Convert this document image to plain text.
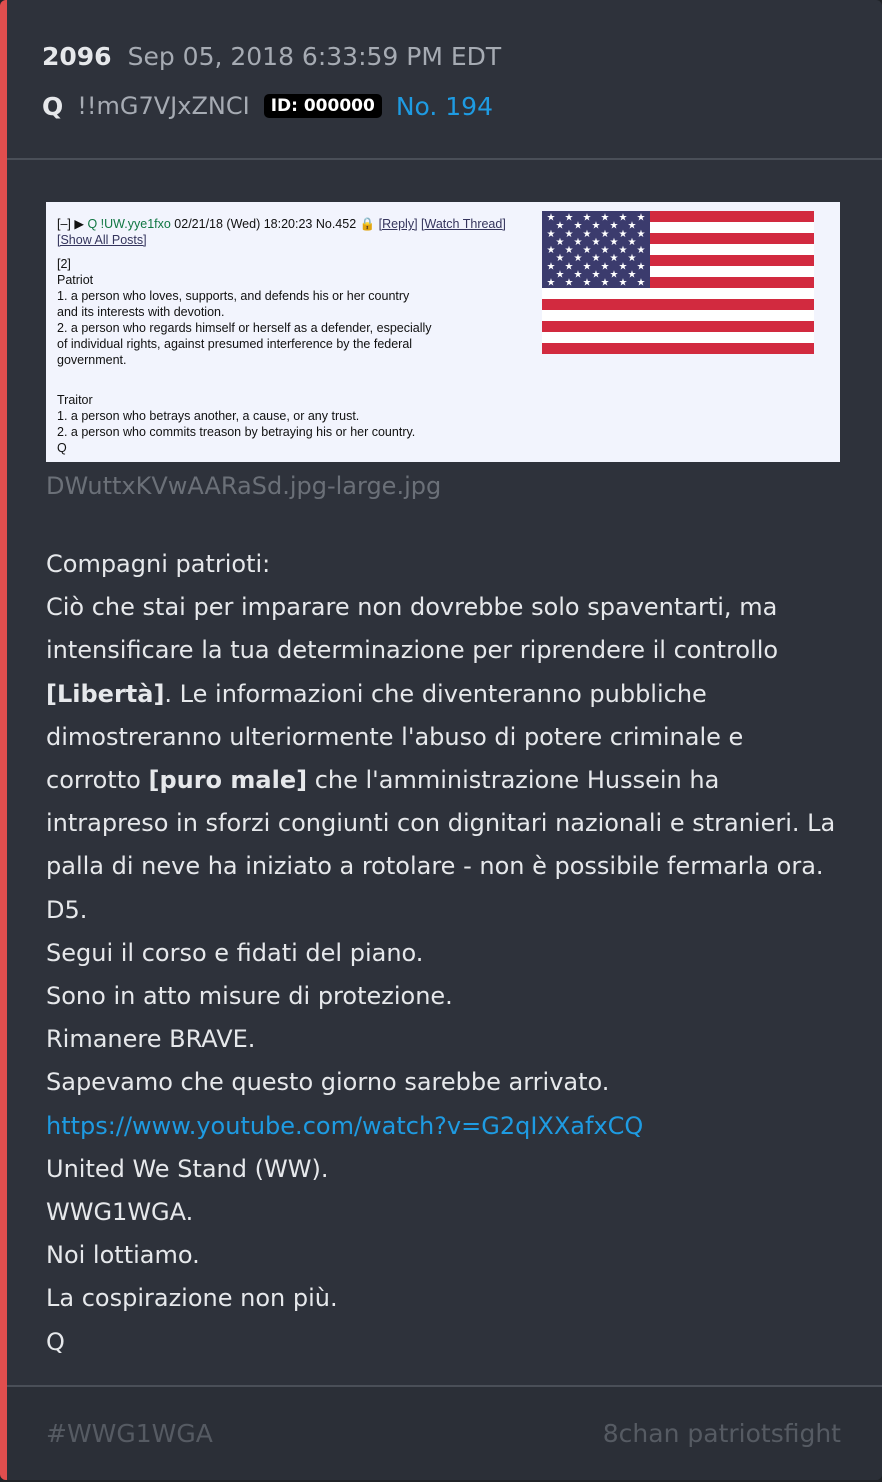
2096 Sep 05, 2018 6:33:59 PM EDT
Q !!mG7VJxZNCI	ID: 000000 No. 194
[–] ▶ Q !UW.yye1fxo 02/21/18 (Wed) 18:20:23 No.452 🔒 [Reply] [Watch Thread] [Show All Posts]
[2]
Patriot
1. a person who loves, supports, and defends his or her country
and its interests with devotion.
2. a person who regards himself or herself as a defender, especially
of individual rights, against presumed interference by the federal
government.
Traitor
1. a person who betrays another, a cause, or any trust.
2. a person who commits treason by betraying his or her country.
Q
★ ★ ★ ★ ★ ★
★ ★ ★ ★ ★
★ ★ ★ ★ ★ ★
★ ★ ★ ★ ★
★ ★ ★ ★ ★ ★
★ ★ ★ ★ ★
★ ★ ★ ★ ★ ★
★ ★ ★ ★ ★
★ ★ ★ ★ ★ ★
DWuttxKVwAARaSd.jpg-large.jpg
Compagni patrioti:
Ciò che stai per imparare non dovrebbe solo spaventarti, ma
intensificare la tua determinazione per riprendere il controllo
[Libertà]. Le informazioni che diventeranno pubbliche
dimostreranno ulteriormente l'abuso di potere criminale e
corrotto [puro male] che l'amministrazione Hussein ha
intrapreso in sforzi congiunti con dignitari nazionali e stranieri. La
palla di neve ha iniziato a rotolare - non è possibile fermarla ora.
D5.
Segui il corso e fidati del piano.
Sono in atto misure di protezione.
Rimanere BRAVE.
Sapevamo che questo giorno sarebbe arrivato.
https://www.youtube.com/watch?v=G2qIXXafxCQ
United We Stand (WW).
WWG1WGA.
Noi lottiamo.
La cospirazione non più.
Q
#WWG1WGA	8chan patriotsfight
